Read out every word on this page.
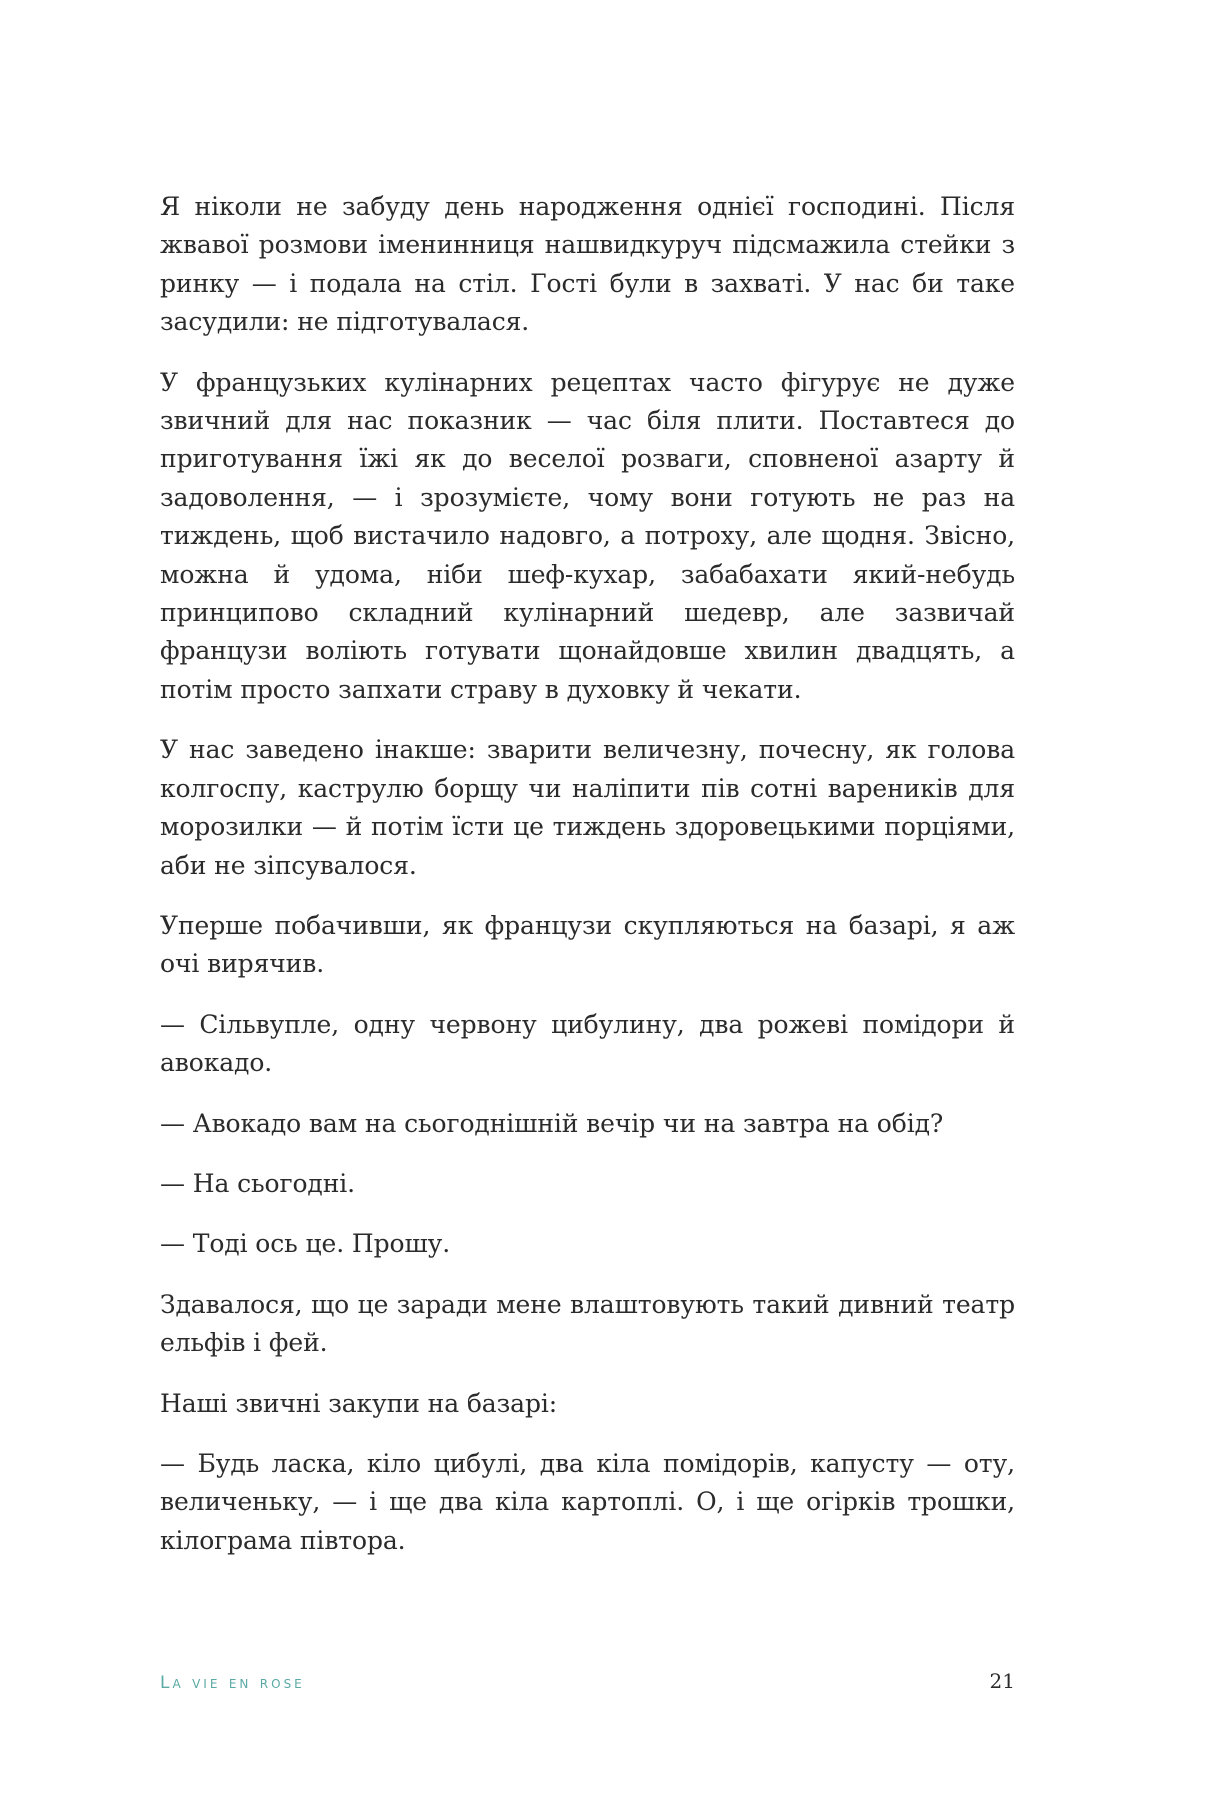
Я ніколи не забуду день народження однієї господині. Після жвавої розмови іменинниця нашвидкуруч підсмажила стейки з ринку — і подала на стіл. Гості були в захваті. У нас би таке засудили: не підготувалася.

У французьких кулінарних рецептах часто фігурує не дуже звичний для нас показник — час біля плити. Поставтеся до приготування їжі як до веселої розваги, сповненої азарту й задоволення, — і зрозумієте, чому вони готують не раз на тиждень, щоб вистачило надовго, а потроху, але щодня. Звісно, можна й удома, ніби шеф-кухар, забабахати який-небудь принципово складний кулінарний шедевр, але зазвичай французи воліють готувати щонайдовше хвилин двадцять, а потім просто запхати страву в духовку й чекати.

У нас заведено інакше: зварити величезну, почесну, як голова колгоспу, каструлю борщу чи наліпити пів сотні вареників для морозилки — й потім їсти це тиждень здоровецькими порціями, аби не зіпсувалося.

Уперше побачивши, як французи скупляються на базарі, я аж очі вирячив.

— Сільвупле, одну червону цибулину, два рожеві помідори й авокадо.

— Авокадо вам на сьогоднішній вечір чи на завтра на обід?

— На сьогодні.

— Тоді ось це. Прошу.

Здавалося, що це заради мене влаштовують такий дивний театр ельфів і фей.

Наші звичні закупи на базарі:

— Будь ласка, кіло цибулі, два кіла помідорів, капусту — оту, величеньку, — і ще два кіла картоплі. О, і ще огірків трошки, кілограма півтора.

La vie en rose	21
